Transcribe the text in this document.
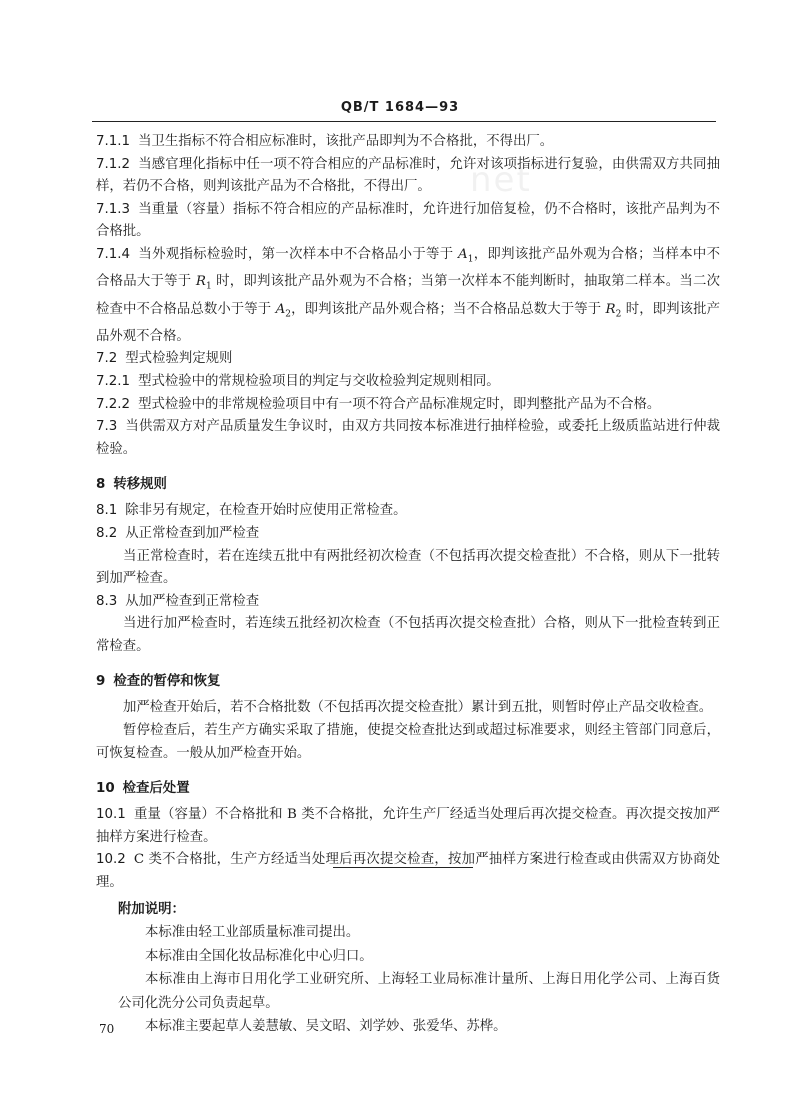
net
QB/T 1684—93

7.1.1 当卫生指标不符合相应标准时，该批产品即判为不合格批，不得出厂。

7.1.2 当感官理化指标中任一项不符合相应的产品标准时，允许对该项指标进行复验，由供需双方共同抽样，若仍不合格，则判该批产品为不合格批，不得出厂。

7.1.3 当重量（容量）指标不符合相应的产品标准时，允许进行加倍复检，仍不合格时，该批产品判为不合格批。

7.1.4 当外观指标检验时，第一次样本中不合格品小于等于 $A_1$，即判该批产品外观为合格；当样本中不合格品大于等于 $R_1$ 时，即判该批产品外观为不合格；当第一次样本不能判断时，抽取第二样本。当二次检查中不合格品总数小于等于 $A_2$，即判该批产品外观合格；当不合格品总数大于等于 $R_2$ 时，即判该批产品外观不合格。

7.2 型式检验判定规则

7.2.1 型式检验中的常规检验项目的判定与交收检验判定规则相同。

7.2.2 型式检验中的非常规检验项目中有一项不符合产品标准规定时，即判整批产品为不合格。

7.3 当供需双方对产品质量发生争议时，由双方共同按本标准进行抽样检验，或委托上级质监站进行仲裁检验。

8 转移规则

8.1 除非另有规定，在检查开始时应使用正常检查。

8.2 从正常检查到加严检查

当正常检查时，若在连续五批中有两批经初次检查（不包括再次提交检查批）不合格，则从下一批转到加严检查。

8.3 从加严检查到正常检查

当进行加严检查时，若连续五批经初次检查（不包括再次提交检查批）合格，则从下一批检查转到正常检查。

9 检查的暂停和恢复

加严检查开始后，若不合格批数（不包括再次提交检查批）累计到五批，则暂时停止产品交收检查。

暂停检查后，若生产方确实采取了措施，使提交检查批达到或超过标准要求，则经主管部门同意后，可恢复检查。一般从加严检查开始。

10 检查后处置

10.1 重量（容量）不合格批和 B 类不合格批，允许生产厂经适当处理后再次提交检查。再次提交按加严抽样方案进行检查。

10.2 C 类不合格批，生产方经适当处理后再次提交检查，按加严抽样方案进行检查或由供需双方协商处理。

附加说明：

本标准由轻工业部质量标准司提出。

本标准由全国化妆品标准化中心归口。

本标准由上海市日用化学工业研究所、上海轻工业局标准计量所、上海日用化学公司、上海百货公司化洗分公司负责起草。

本标准主要起草人姜慧敏、吴文昭、刘学妙、张爱华、苏桦。

70
